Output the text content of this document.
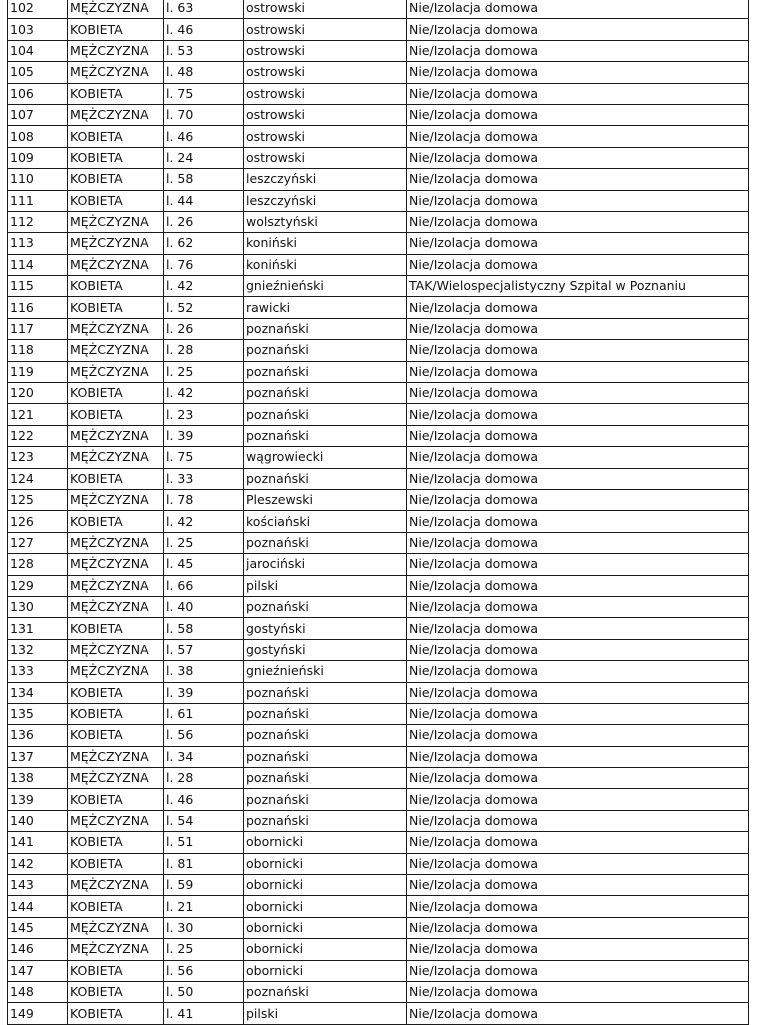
102	MĘŻCZYZNA	l. 63	ostrowski	Nie/Izolacja domowa
103	KOBIETA	l. 46	ostrowski	Nie/Izolacja domowa
104	MĘŻCZYZNA	l. 53	ostrowski	Nie/Izolacja domowa
105	MĘŻCZYZNA	l. 48	ostrowski	Nie/Izolacja domowa
106	KOBIETA	l. 75	ostrowski	Nie/Izolacja domowa
107	MĘŻCZYZNA	l. 70	ostrowski	Nie/Izolacja domowa
108	KOBIETA	l. 46	ostrowski	Nie/Izolacja domowa
109	KOBIETA	l. 24	ostrowski	Nie/Izolacja domowa
110	KOBIETA	l. 58	leszczyński	Nie/Izolacja domowa
111	KOBIETA	l. 44	leszczyński	Nie/Izolacja domowa
112	MĘŻCZYZNA	l. 26	wolsztyński	Nie/Izolacja domowa
113	MĘŻCZYZNA	l. 62	koniński	Nie/Izolacja domowa
114	MĘŻCZYZNA	l. 76	koniński	Nie/Izolacja domowa
115	KOBIETA	l. 42	gnieźnieński	TAK/Wielospecjalistyczny Szpital w Poznaniu
116	KOBIETA	l. 52	rawicki	Nie/Izolacja domowa
117	MĘŻCZYZNA	l. 26	poznański	Nie/Izolacja domowa
118	MĘŻCZYZNA	l. 28	poznański	Nie/Izolacja domowa
119	MĘŻCZYZNA	l. 25	poznański	Nie/Izolacja domowa
120	KOBIETA	l. 42	poznański	Nie/Izolacja domowa
121	KOBIETA	l. 23	poznański	Nie/Izolacja domowa
122	MĘŻCZYZNA	l. 39	poznański	Nie/Izolacja domowa
123	MĘŻCZYZNA	l. 75	wągrowiecki	Nie/Izolacja domowa
124	KOBIETA	l. 33	poznański	Nie/Izolacja domowa
125	MĘŻCZYZNA	l. 78	Pleszewski	Nie/Izolacja domowa
126	KOBIETA	l. 42	kościański	Nie/Izolacja domowa
127	MĘŻCZYZNA	l. 25	poznański	Nie/Izolacja domowa
128	MĘŻCZYZNA	l. 45	jarociński	Nie/Izolacja domowa
129	MĘŻCZYZNA	l. 66	pilski	Nie/Izolacja domowa
130	MĘŻCZYZNA	l. 40	poznański	Nie/Izolacja domowa
131	KOBIETA	l. 58	gostyński	Nie/Izolacja domowa
132	MĘŻCZYZNA	l. 57	gostyński	Nie/Izolacja domowa
133	MĘŻCZYZNA	l. 38	gnieźnieński	Nie/Izolacja domowa
134	KOBIETA	l. 39	poznański	Nie/Izolacja domowa
135	KOBIETA	l. 61	poznański	Nie/Izolacja domowa
136	KOBIETA	l. 56	poznański	Nie/Izolacja domowa
137	MĘŻCZYZNA	l. 34	poznański	Nie/Izolacja domowa
138	MĘŻCZYZNA	l. 28	poznański	Nie/Izolacja domowa
139	KOBIETA	l. 46	poznański	Nie/Izolacja domowa
140	MĘŻCZYZNA	l. 54	poznański	Nie/Izolacja domowa
141	KOBIETA	l. 51	obornicki	Nie/Izolacja domowa
142	KOBIETA	l. 81	obornicki	Nie/Izolacja domowa
143	MĘŻCZYZNA	l. 59	obornicki	Nie/Izolacja domowa
144	KOBIETA	l. 21	obornicki	Nie/Izolacja domowa
145	MĘŻCZYZNA	l. 30	obornicki	Nie/Izolacja domowa
146	MĘŻCZYZNA	l. 25	obornicki	Nie/Izolacja domowa
147	KOBIETA	l. 56	obornicki	Nie/Izolacja domowa
148	KOBIETA	l. 50	poznański	Nie/Izolacja domowa
149	KOBIETA	l. 41	pilski	Nie/Izolacja domowa
